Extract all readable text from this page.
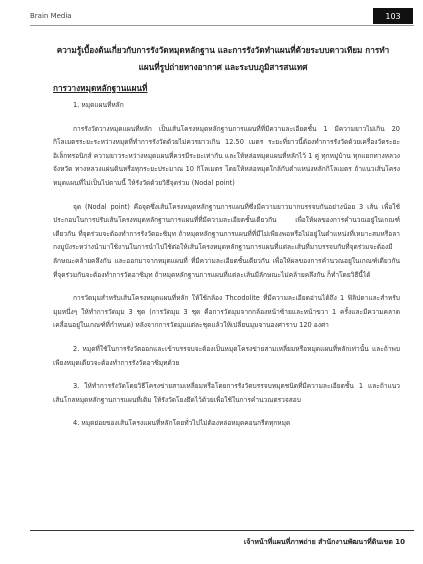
Brain Media	103
ความรู้เบื้องต้นเกี่ยวกับการรังวัดหมุดหลักฐาน และการรังวัดทำแผนที่ด้วยระบบดาวเทียม การทำแผนที่รูปถ่ายทางอากาศ และระบบภูมิสารสนเทศ
การวางหมุดหลักฐานแผนที่

1. หมุดแผนที่หลัก

การรังวัดวางหมุดแผนที่หลัก เป็นเส้นโครงหมุดหลักฐานการแผนที่ที่มีความละเอียดชั้น 1 มีความยาวไม่เกิน 20 กิโลเมตรระยะระหว่างหมุดที่ทำการรังวัดด้วยไม่ควรยาวเกิน 12.50 เมตร ระยะที่ยาวนี้ต้องทำการรังวัดด้วยเครื่องวัดระยะอิเล็กทรอนิกส์ ความยาวระหว่างหมุดแผนที่ควรมีระยะเท่ากัน และให้หล่อหมุดแผนที่หลักไว้ 1 คู่ ทุกหมู่บ้าน ทุกแยกทางหลวงจังหวัด ทางหลวงแผ่นดินหรือทุกระยะประมาณ 10 กิโลเมตร โดยให้หล่อหมุดใกล้กับตำแหน่งหลักกิโลเมตร ถ้าแนวเส้นโครงหมุดแผนที่ไม่เป็นไปตามนี้ ให้รังวัดด้วยวิธีจุดร่วม (Nodal point)

จุด (Nodal point) คือจุดซึ่งเส้นโครงหมุดหลักฐานการแผนที่ซึ่งมีความยาวมากบรรจบกันอย่างน้อย 3 เส้น เพื่อใช้ประกอบในการปรับเส้นโครงหมุดหลักฐานการแผนที่ที่มีความละเอียดชั้นเดียวกัน เพื่อให้ผลของการคำนวณอยู่ในเกณฑ์เดียวกัน ที่จุดร่วมจะต้องทำการรังวัดอะซิมุท ถ้าหมุดหลักฐานการแผนที่ที่มีไม่เพียงพอหรือไม่อยู่ในตำแหน่งที่เหมาะสมหรือลากงมูบังระหว่างนำมาใช้งานในการนำไปใช้ต่อให้เส้นโครงหมุดหลักฐานการแผนที่แต่ละเส้นที่มาบรรจบกับที่จุดร่วมจะต้องมีลักษณะคล้ายคลึงกัน และออกมาจากหมุดแผนที่ ที่มีความละเอียดชั้นเดียวกัน เพื่อให้ผลของการคำนวณอยู่ในเกณฑ์เดียวกัน ที่จุดร่วมกันจะต้องทำการวัดอาซิมุท ถ้าหมุดหลักฐานการแผนที่แต่ละเส้นมีลักษณะไม่คล้ายคลึงกัน ก็ทำโดยวิธีนี้ได้

การวัดมุมสำหรับเส้นโครงหมุดแผนที่หลัก ให้ใช้กล้อง Thcodolite ที่มีความละเอียดอ่านได้ถึง 1 ฟิลิปดาและสำหรับมุมหนึ่งๆ ให้ทำการวัดมุม 3 ชุด (การวัดมุม 3 ชุด คือการวัดมุมจากกล้องหน้าซ้ายและหน้าขวา 1 ครั้งและมีความคลาดเคลื่อนอยู่ในเกณฑ์ที่กำหนด) หลังจากการวัดมุมแต่ละชุดแล้วให้เปลี่ยนมุมจานองศาราบ 120 องศา

2. หมุดที่ใช้ในการรังวัดออกและเข้าบรรจบจะต้องเป็นหมุดโครงข่ายสามเหลี่ยมหรือหมุดแผนที่หลักเท่านั้น และถ้าพบเพียงหมุดเดียวจะต้องทำการรังวัดอาซิมุทด้วย

3. ให้ทำการรังวัดโดยวิธีโครงข่ายสามเหลี่ยมหรือโดยการรังวัดบรรจบหมุดชนิดที่มีความละเอียดชั้น 1 และถ้าแนวเส้นโกลหมุดหลักฐานการแผนที่เดิม ให้รังวัดโยงยึดไว้ด้วยเพื่อใช้ในการคำนวณตรวจสอบ

4. หมุดย่อยของเส้นโครงแผนที่หลักโดยทั่วไปไม่ต้องหล่อหมุดคอนกรีตทุกหมุด

เจ้าหน้าที่แผนที่ภาพถ่าย สำนักงานพัฒนาที่ดินเขต 10
